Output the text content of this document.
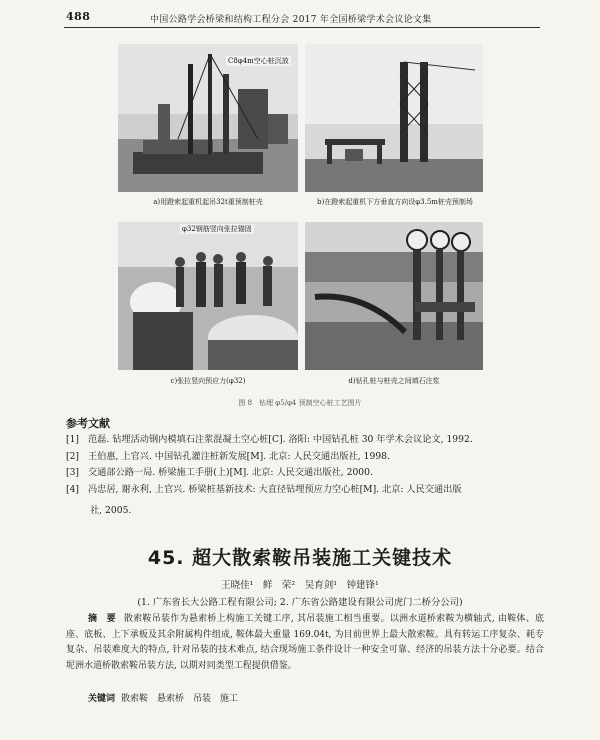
488	中国公路学会桥梁和结构工程分会 2017 年全国桥梁学术会议论文集
C8φ4m空心桩沉放
a)用蹬索起重机起吊32t重预制桩壳	b)在蹬索起重机下方垂直方向设φ3.5m桩壳预制场
φ32钢筋竖向张拉锚固
c)张拉竖向预应力(φ32)	d)钻孔桩与桩壳之间填石注浆
图 8　钻埋 φ5/φ4 预制空心桩工艺图片
参考文献
[1] 范磊. 钻埋活动钢内模填石注浆混凝土空心桩[C]. 洛阳: 中国钻孔桩 30 年学术会议论文, 1992.
[2] 王伯惠, 上官兴. 中国钻孔灌注桩新发展[M]. 北京: 人民交通出版社, 1998.
[3] 交通部公路一局. 桥梁施工手册(上)[M]. 北京: 人民交通出版社, 2000.
[4] 冯忠居, 谢永利, 上官兴. 桥梁桩基新技术: 大直径钻埋预应力空心桩[M]. 北京: 人民交通出版
社, 2005.
45. 超大散索鞍吊装施工关键技术
王晓佳¹　鲜　荣²　吴育剑¹　钟建锋¹
(1. 广东省长大公路工程有限公司; 2. 广东省公路建设有限公司虎门二桥分公司)
摘　要 散索鞍吊装作为悬索桥上构施工关键工序, 其吊装施工相当重要。以洲水道桥索鞍为横轴式, 由鞍体、底座、底板、上下承板及其余附属构件组成, 鞍体最大重量 169.04t, 为目前世界上最大散索鞍。具有转运工序复杂、耗专复杂、吊装难度大的特点, 针对吊装的技术难点, 结合现场施工条件设计一种安全可靠、经济的吊装方法十分必要。结合坭洲水道桥散索鞍吊装方法, 以期对同类型工程提供借鉴。
关键词 散索鞍　悬索桥　吊装　施工
